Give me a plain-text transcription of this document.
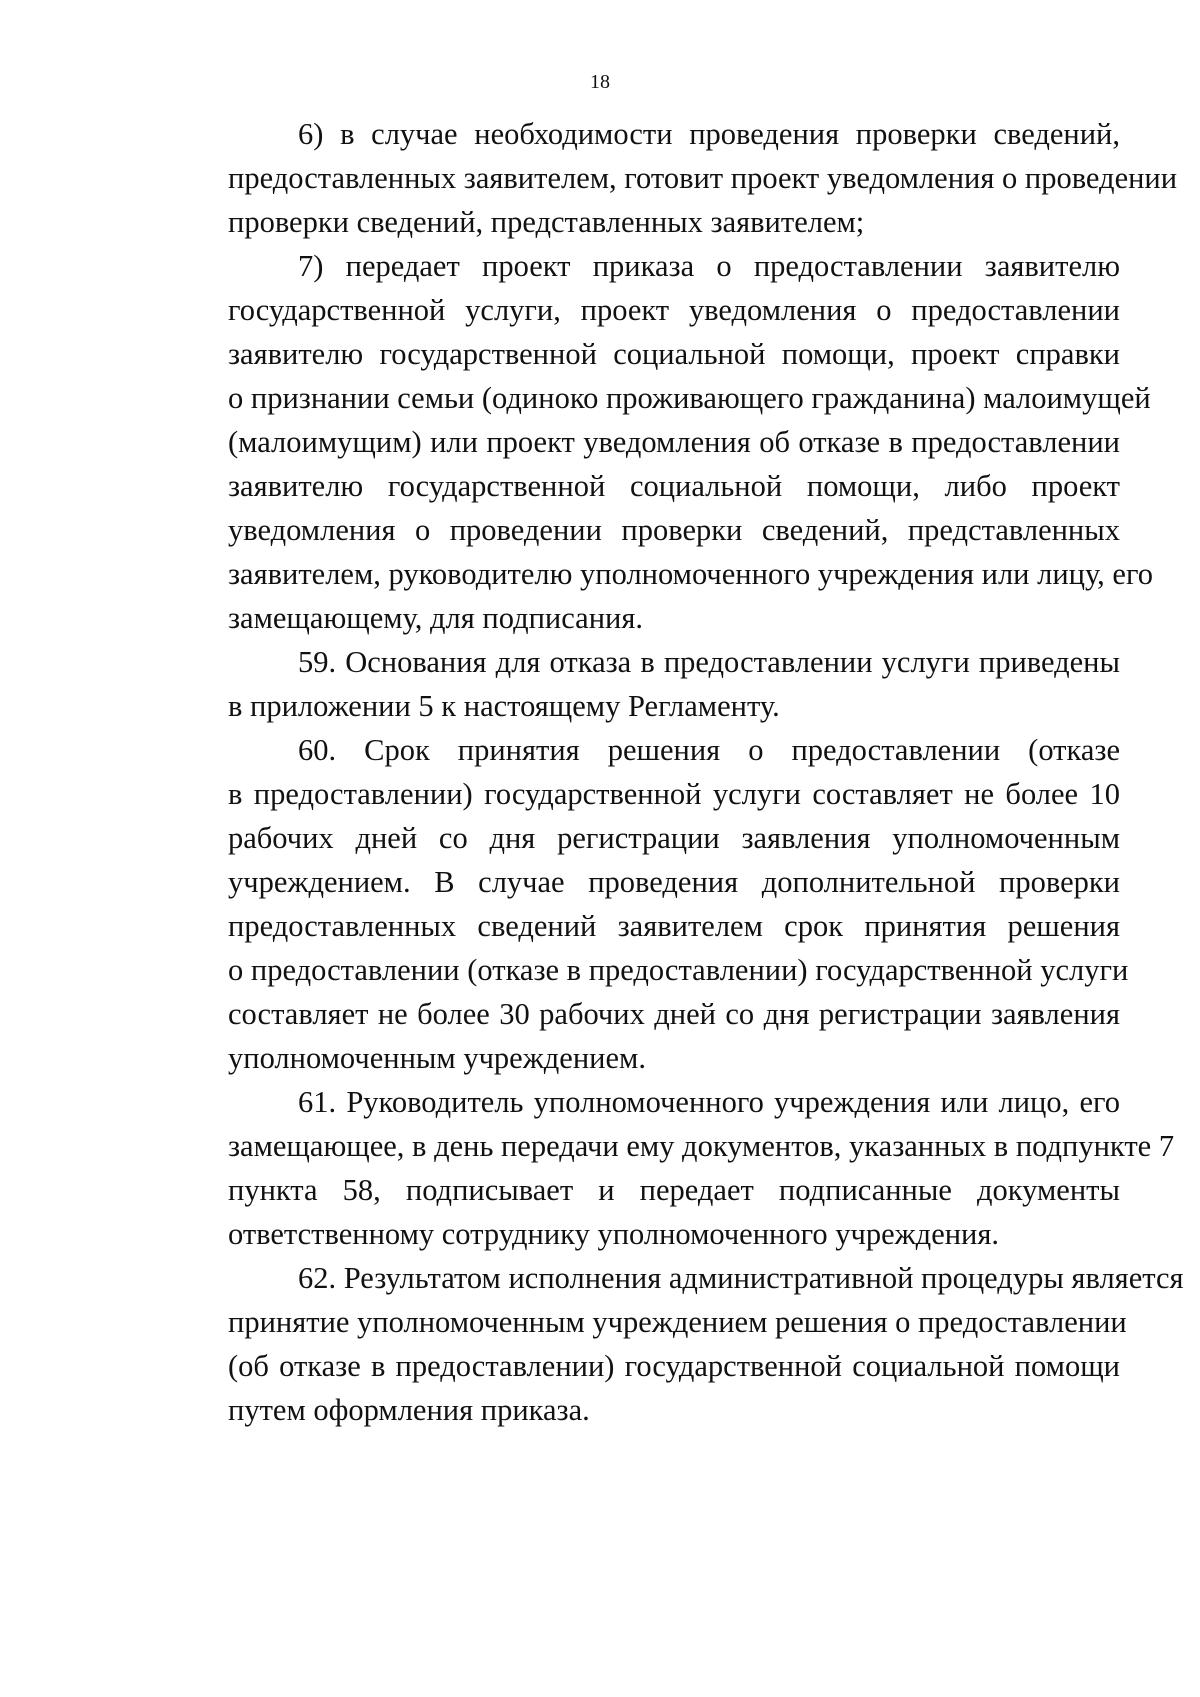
18

6) в случае необходимости проведения проверки сведений,
предоставленных заявителем, готовит проект уведомления о проведении
проверки сведений, представленных заявителем;

7) передает проект приказа о предоставлении заявителю
государственной услуги, проект уведомления о предоставлении
заявителю государственной социальной помощи, проект справки
о признании семьи (одиноко проживающего гражданина) малоимущей
(малоимущим) или проект уведомления об отказе в предоставлении
заявителю государственной социальной помощи, либо проект
уведомления о проведении проверки сведений, представленных
заявителем, руководителю уполномоченного учреждения или лицу, его
замещающему, для подписания.

59. Основания для отказа в предоставлении услуги приведены
в приложении 5 к настоящему Регламенту.

60. Срок принятия решения о предоставлении (отказе
в предоставлении) государственной услуги составляет не более 10
рабочих дней со дня регистрации заявления уполномоченным
учреждением. В случае проведения дополнительной проверки
предоставленных сведений заявителем срок принятия решения
о предоставлении (отказе в предоставлении) государственной услуги
составляет не более 30 рабочих дней со дня регистрации заявления
уполномоченным учреждением.

61. Руководитель уполномоченного учреждения или лицо, его
замещающее, в день передачи ему документов, указанных в подпункте 7
пункта 58, подписывает и передает подписанные документы
ответственному сотруднику уполномоченного учреждения.

62. Результатом исполнения административной процедуры является
принятие уполномоченным учреждением решения о предоставлении
(об отказе в предоставлении) государственной социальной помощи
путем оформления приказа.
